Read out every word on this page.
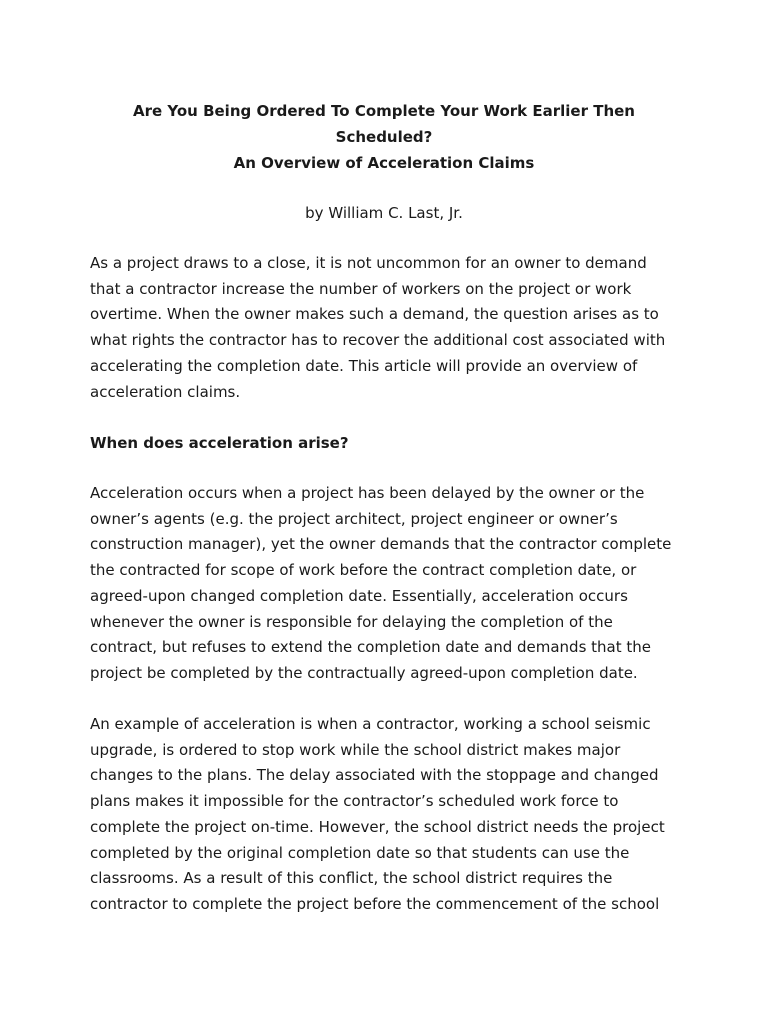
Are You Being Ordered To Complete Your Work Earlier Then
Scheduled?
An Overview of Acceleration Claims
by William C. Last, Jr.
As a project draws to a close, it is not uncommon for an owner to demand
that a contractor increase the number of workers on the project or work
overtime. When the owner makes such a demand, the question arises as to
what rights the contractor has to recover the additional cost associated with
accelerating the completion date. This article will provide an overview of
acceleration claims.
When does acceleration arise?
Acceleration occurs when a project has been delayed by the owner or the
owner’s agents (e.g. the project architect, project engineer or owner’s
construction manager), yet the owner demands that the contractor complete
the contracted for scope of work before the contract completion date, or
agreed-upon changed completion date. Essentially, acceleration occurs
whenever the owner is responsible for delaying the completion of the
contract, but refuses to extend the completion date and demands that the
project be completed by the contractually agreed-upon completion date.
An example of acceleration is when a contractor, working a school seismic
upgrade, is ordered to stop work while the school district makes major
changes to the plans. The delay associated with the stoppage and changed
plans makes it impossible for the contractor’s scheduled work force to
complete the project on-time. However, the school district needs the project
completed by the original completion date so that students can use the
classrooms. As a result of this conflict, the school district requires the
contractor to complete the project before the commencement of the school
